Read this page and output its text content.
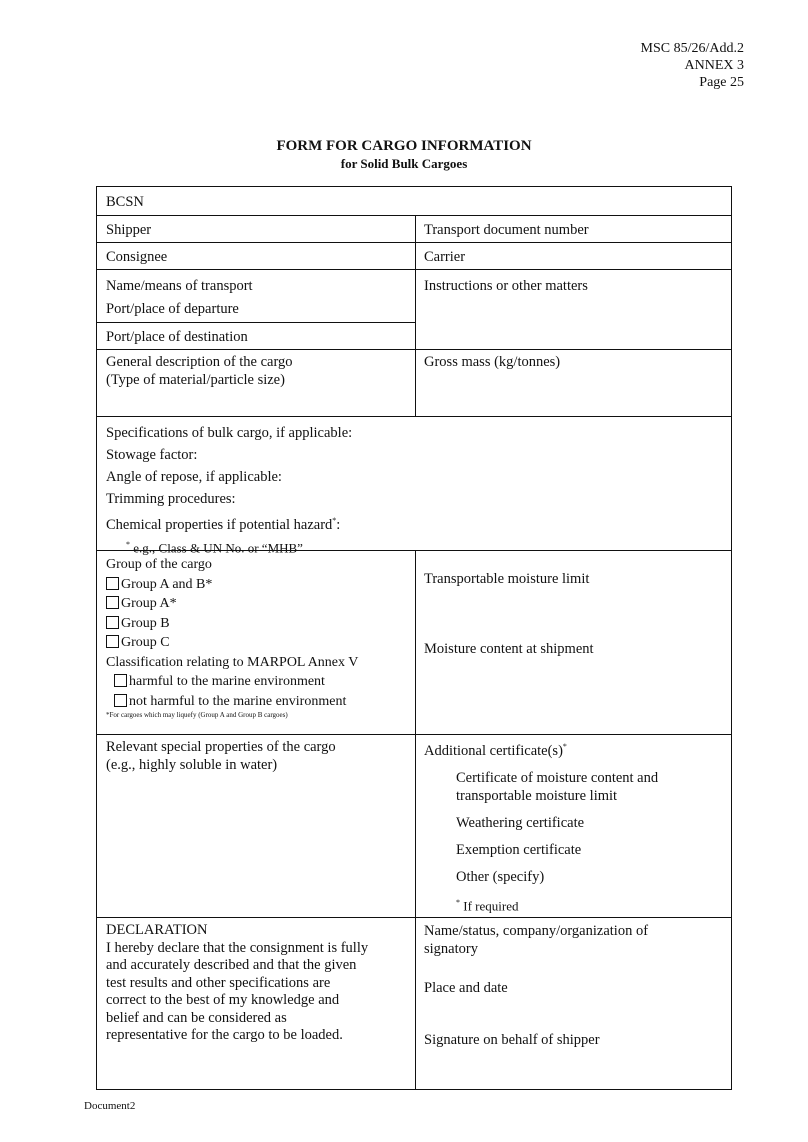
MSC 85/26/Add.2
ANNEX 3
Page 25
FORM FOR CARGO INFORMATION
for Solid Bulk Cargoes
BCSN
Shipper	Transport document number
Consignee	Carrier
Name/means of transport
Port/place of departure
Instructions or other matters
Port/place of destination
General description of the cargo
(Type of material/particle size)
Gross mass (kg/tonnes)
Specifications of bulk cargo, if applicable:
Stowage factor:
Angle of repose, if applicable:
Trimming procedures:
Chemical properties if potential hazard*:
* e.g., Class & UN No. or “MHB”
Group of the cargo
Group A and B*
Group A*
Group B
Group C
Classification relating to MARPOL Annex V
harmful to the marine environment
not harmful to the marine environment
*For cargoes which may liquefy (Group A and Group B cargoes)
Transportable moisture limit
Moisture content at shipment
Relevant special properties of the cargo
(e.g., highly soluble in water)
Additional certificate(s)*
Certificate of moisture content and
transportable moisture limit
Weathering certificate
Exemption certificate
Other (specify)
* If required
DECLARATION
I hereby declare that the consignment is fully
and accurately described and that the given
test results and other specifications are
correct to the best of my knowledge and
belief and can be considered as
representative for the cargo to be loaded.
Name/status, company/organization of
signatory
Place and date
Signature on behalf of shipper
Document2
